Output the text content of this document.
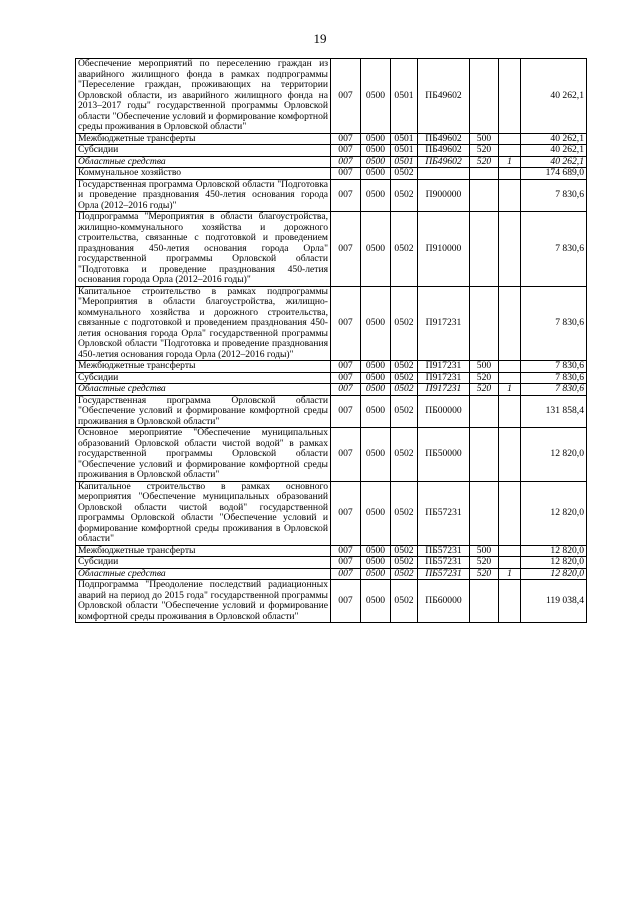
19
Обеспечение мероприятий по переселению граждан из аварийного жилищного фонда в рамках подпрограммы "Переселение граждан, проживающих на территории Орловской области, из аварийного жилищного фонда на 2013–2017 годы" государственной программы Орловской области "Обеспечение условий и формирование комфортной среды проживания в Орловской области"	007	0500	0501	ПБ49602			40 262,1
Межбюджетные трансферты	007	0500	0501	ПБ49602	500		40 262,1
Субсидии	007	0500	0501	ПБ49602	520		40 262,1
Областные средства	007	0500	0501	ПБ49602	520	1	40 262,1
Коммунальное хозяйство	007	0500	0502				174 689,0
Государственная программа Орловской области "Подготовка и проведение празднования 450-летия основания города Орла (2012–2016 годы)"	007	0500	0502	П900000			7 830,6
Подпрограмма "Мероприятия в области благоустройства, жилищно-коммунального хозяйства и дорожного строительства, связанные с подготовкой и проведением празднования 450-летия основания города Орла" государственной программы Орловской области "Подготовка и проведение празднования 450-летия основания города Орла (2012–2016 годы)"	007	0500	0502	П910000			7 830,6
Капитальное строительство в рамках подпрограммы "Мероприятия в области благоустройства, жилищно-коммунального хозяйства и дорожного строительства, связанные с подготовкой и проведением празднования 450-летия основания города Орла" государственной программы Орловской области "Подготовка и проведение празднования 450-летия основания города Орла (2012–2016 годы)"	007	0500	0502	П917231			7 830,6
Межбюджетные трансферты	007	0500	0502	П917231	500		7 830,6
Субсидии	007	0500	0502	П917231	520		7 830,6
Областные средства	007	0500	0502	П917231	520	1	7 830,6
Государственная программа Орловской области "Обеспечение условий и формирование комфортной среды проживания в Орловской области"	007	0500	0502	ПБ00000			131 858,4
Основное мероприятие "Обеспечение муниципальных образований Орловской области чистой водой" в рамках государственной программы Орловской области "Обеспечение условий и формирование комфортной среды проживания в Орловской области"	007	0500	0502	ПБ50000			12 820,0
Капитальное строительство в рамках основного мероприятия "Обеспечение муниципальных образований Орловской области чистой водой" государственной программы Орловской области "Обеспечение условий и формирование комфортной среды проживания в Орловской области"	007	0500	0502	ПБ57231			12 820,0
Межбюджетные трансферты	007	0500	0502	ПБ57231	500		12 820,0
Субсидии	007	0500	0502	ПБ57231	520		12 820,0
Областные средства	007	0500	0502	ПБ57231	520	1	12 820,0
Подпрограмма "Преодоление последствий радиационных аварий на период до 2015 года" государственной программы Орловской области "Обеспечение условий и формирование комфортной среды проживания в Орловской области"	007	0500	0502	ПБ60000			119 038,4
